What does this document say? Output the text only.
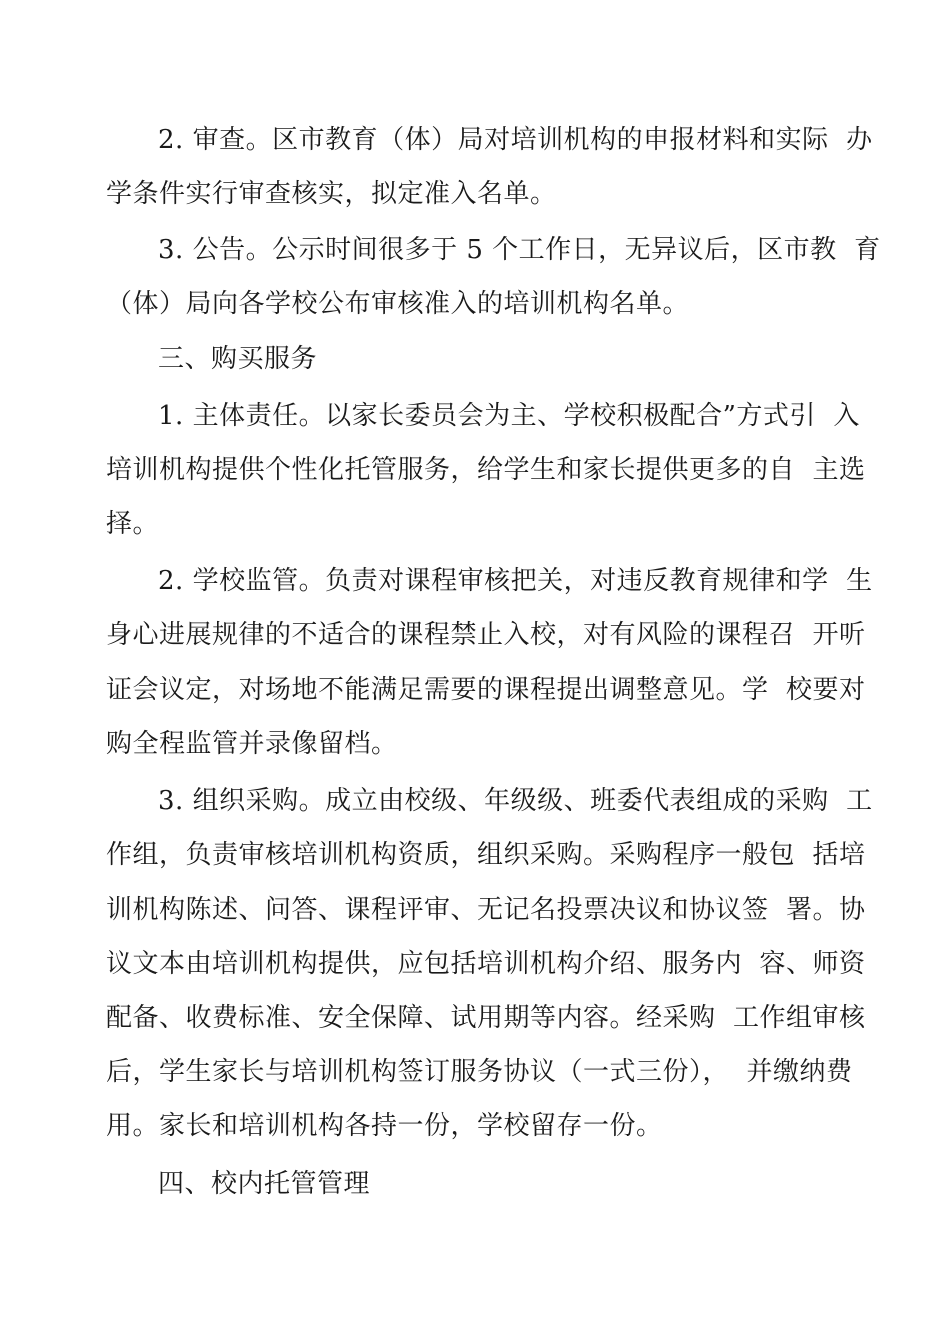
2. 审查。区市教育（体）局对培训机构的申报材料和实际  办
学条件实行审查核实，拟定准入名单。
3. 公告。公示时间很多于 5 个工作日，无异议后，区市教  育
（体）局向各学校公布审核准入的培训机构名单。
三、购买服务
1. 主体责任。以家长委员会为主、学校积极配合”方式引  入
培训机构提供个性化托管服务，给学生和家长提供更多的自  主选
择。
2. 学校监管。负责对课程审核把关，对违反教育规律和学  生
身心进展规律的不适合的课程禁止入校，对有风险的课程召  开听
证会议定，对场地不能满足需要的课程提出调整意见。学  校要对
购全程监管并录像留档。
3. 组织采购。成立由校级、年级级、班委代表组成的采购  工
作组，负责审核培训机构资质，组织采购。采购程序一般包  括培
训机构陈述、问答、课程评审、无记名投票决议和协议签  署。协
议文本由培训机构提供，应包括培训机构介绍、服务内  容、师资
配备、收费标准、安全保障、试用期等内容。经采购  工作组审核
后，学生家长与培训机构签订服务协议（一式三份），  并缴纳费
用。家长和培训机构各持一份，学校留存一份。
四、校内托管管理
